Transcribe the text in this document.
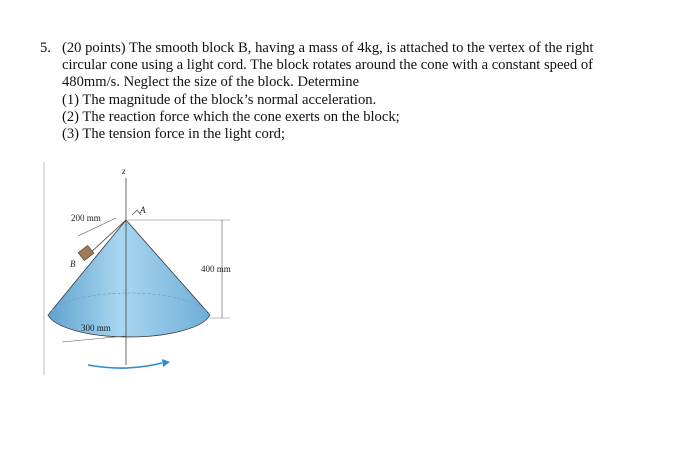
5. (20 points) The smooth block B, having a mass of 4kg, is attached to the vertex of the right
circular cone using a light cord. The block rotates around the cone with a constant speed of
480mm/s. Neglect the size of the block. Determine
(1) The magnitude of the block’s normal acceleration.
(2) The reaction force which the cone exerts on the block;
(3) The tension force in the light cord;
z
A
200 mm
B	400 mm
300 mm
